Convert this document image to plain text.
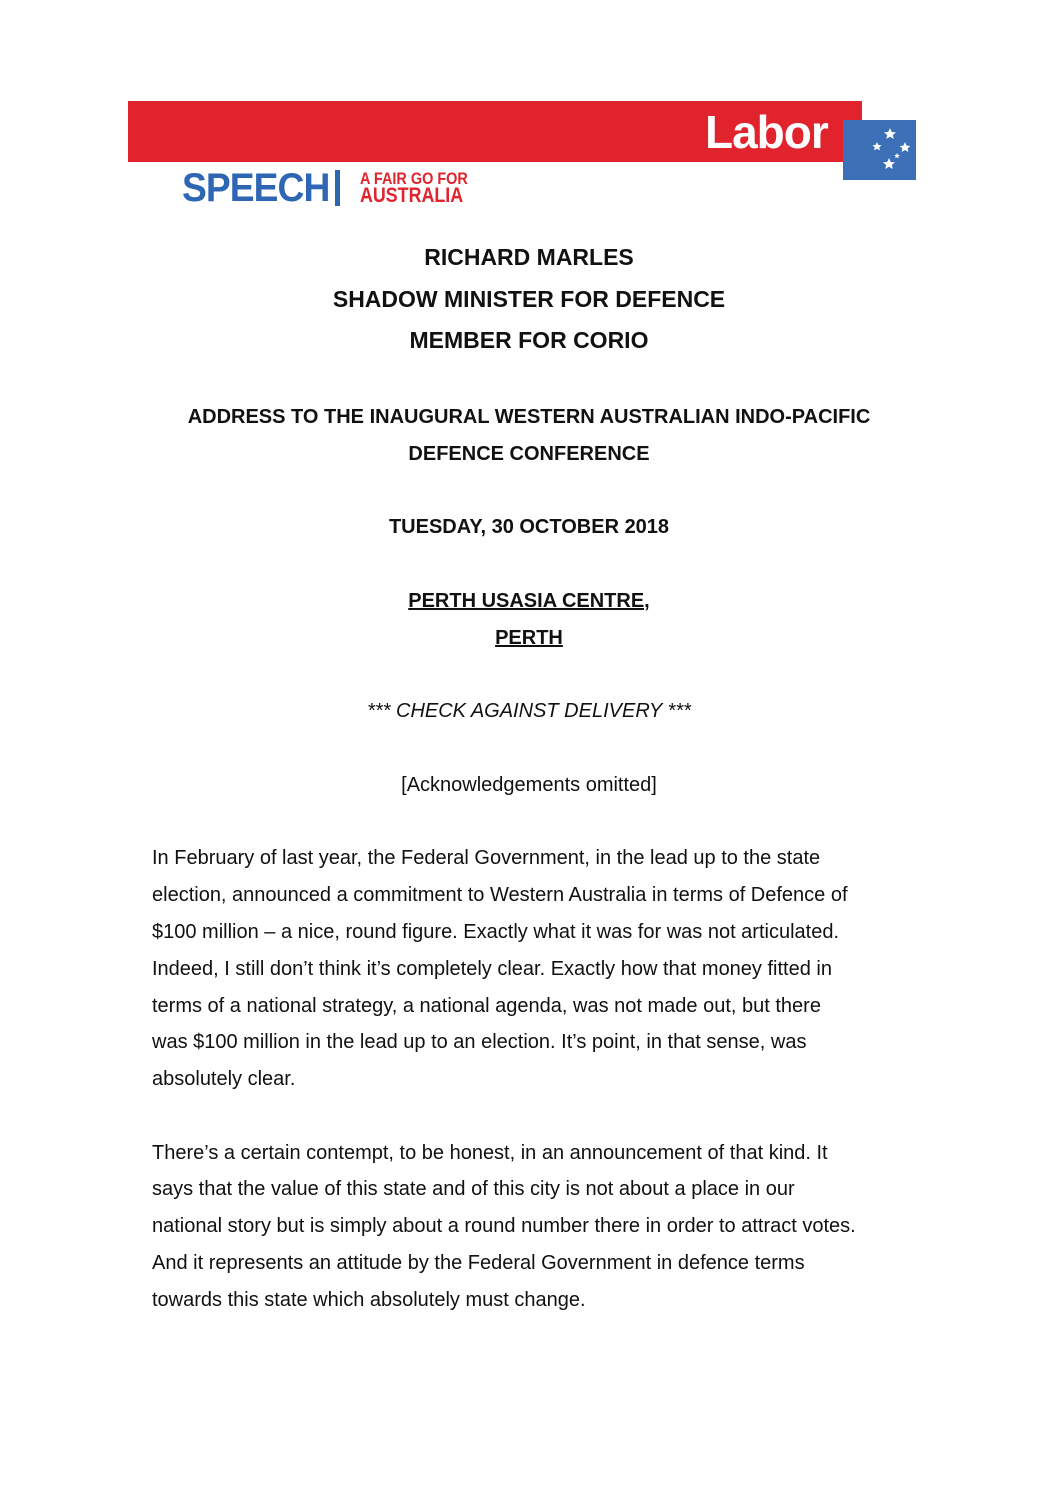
Labor
SPEECH A FAIR GO FOR
AUSTRALIA

RICHARD MARLES

SHADOW MINISTER FOR DEFENCE

MEMBER FOR CORIO

ADDRESS TO THE INAUGURAL WESTERN AUSTRALIAN INDO-PACIFIC

DEFENCE CONFERENCE

TUESDAY, 30 OCTOBER 2018

PERTH USASIA CENTRE,

PERTH

*** CHECK AGAINST DELIVERY ***

[Acknowledgements omitted]

In February of last year, the Federal Government, in the lead up to the state

election, announced a commitment to Western Australia in terms of Defence of

$100 million – a nice, round figure. Exactly what it was for was not articulated.

Indeed, I still don’t think it’s completely clear. Exactly how that money fitted in

terms of a national strategy, a national agenda, was not made out, but there

was $100 million in the lead up to an election. It’s point, in that sense, was

absolutely clear.

There’s a certain contempt, to be honest, in an announcement of that kind. It

says that the value of this state and of this city is not about a place in our

national story but is simply about a round number there in order to attract votes.

And it represents an attitude by the Federal Government in defence terms

towards this state which absolutely must change.
